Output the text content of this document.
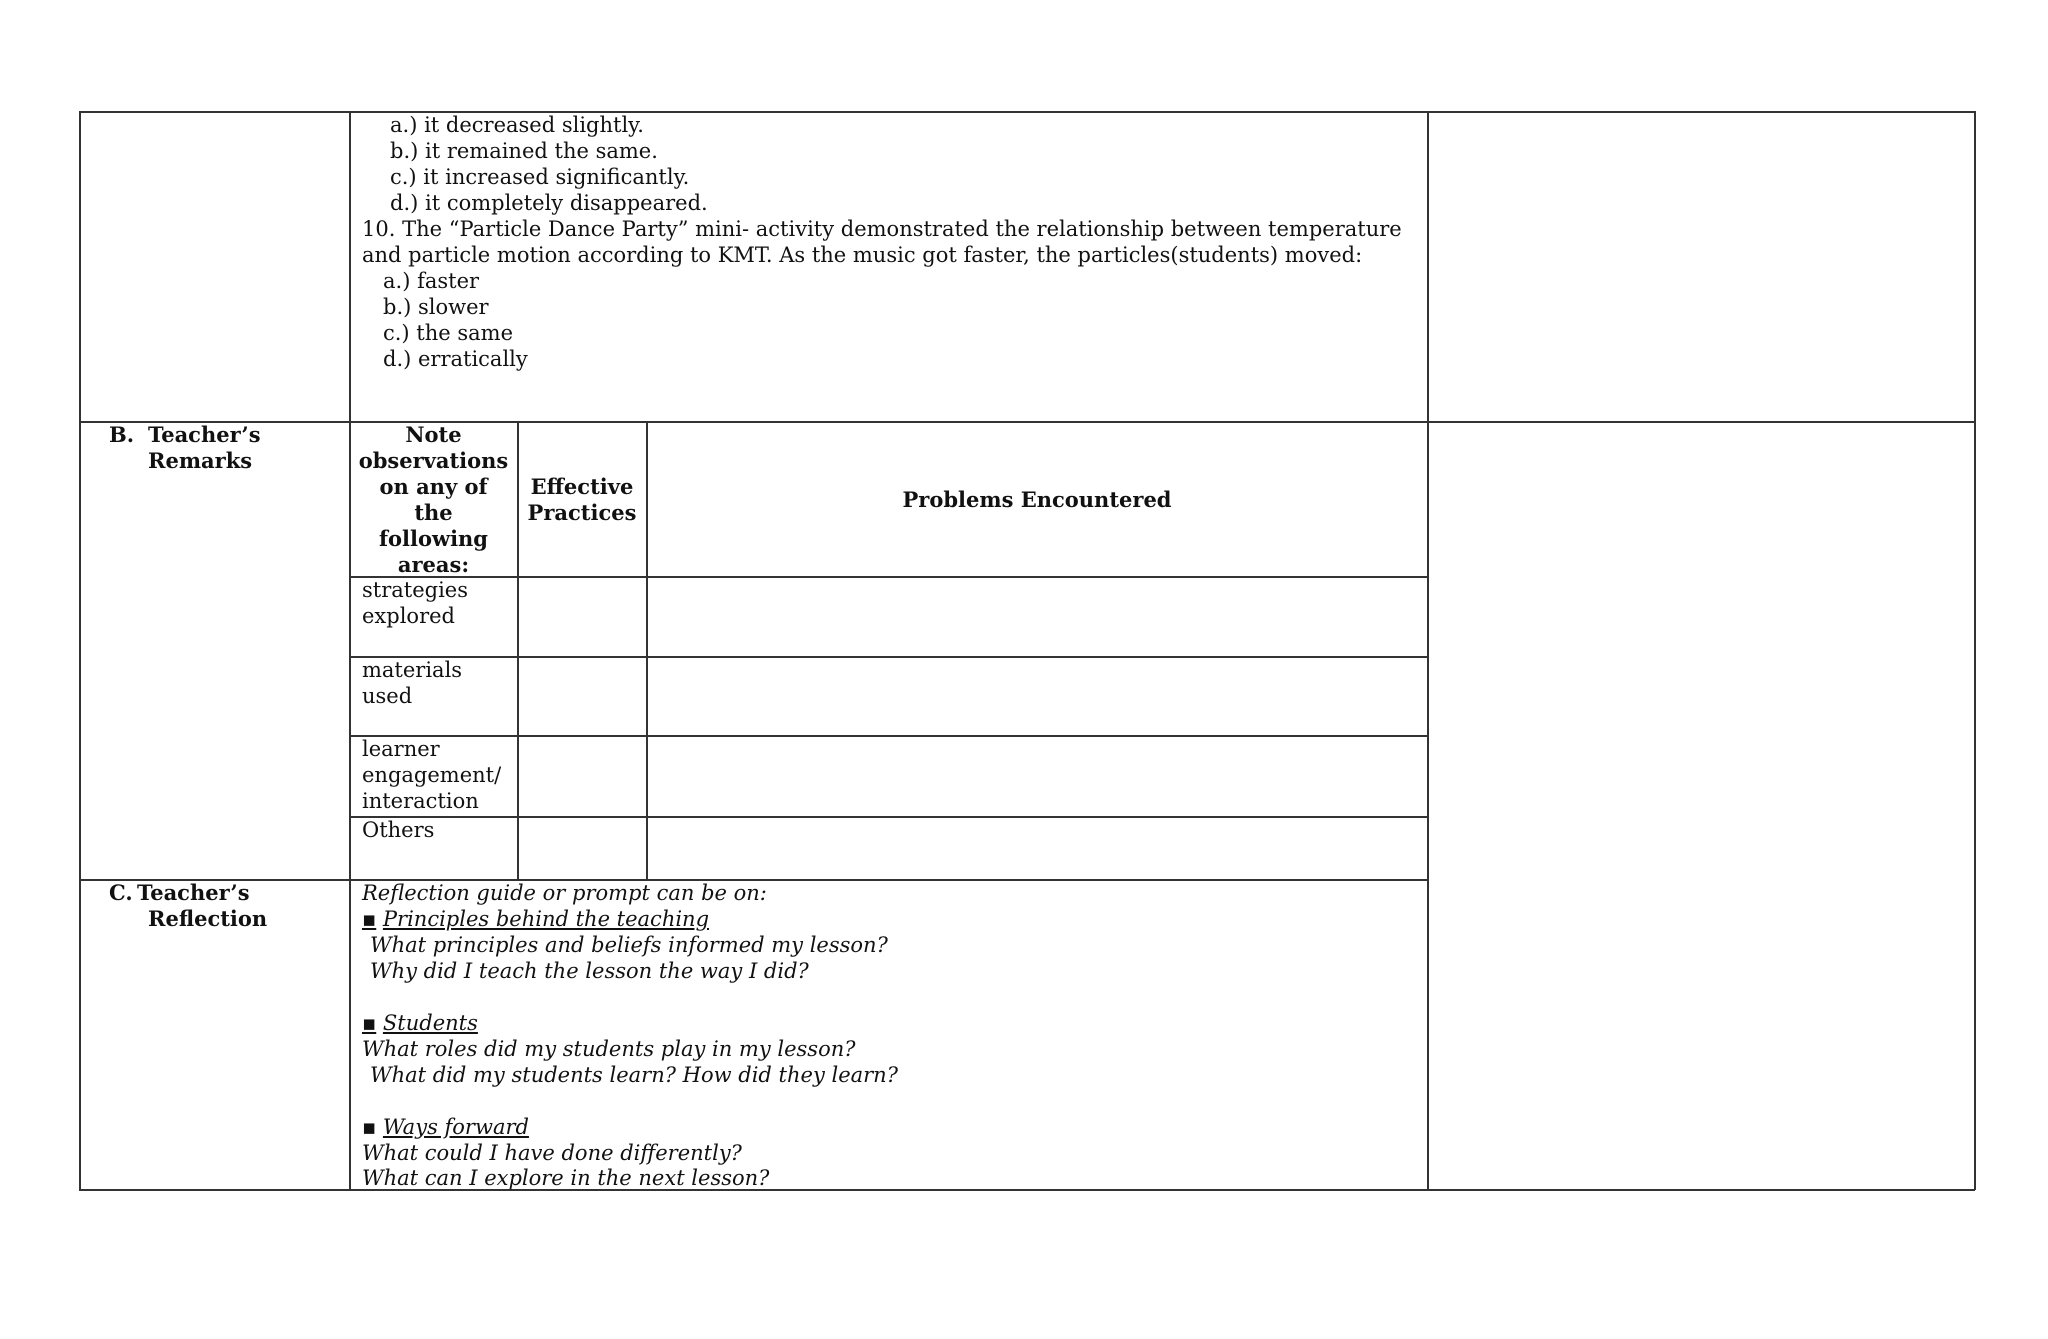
a.) it decreased slightly.
b.) it remained the same.
c.) it increased significantly.
d.) it completely disappeared.
10. The “Particle Dance Party” mini- activity demonstrated the relationship between temperature
and particle motion according to KMT. As the music got faster, the particles(students) moved:
a.) faster
b.) slower
c.) the same
d.) erratically
B. Teacher’s
Remarks
Note
observations
on any of
the
following
areas:
Effective
Practices
Problems Encountered
strategies
explored
materials
used
learner
engagement/
interaction
Others
C. Teacher’s
Reflection
Reflection guide or prompt can be on:
▪ Principles behind the teaching
What principles and beliefs informed my lesson?
Why did I teach the lesson the way I did?
▪ Students
What roles did my students play in my lesson?
What did my students learn? How did they learn?
▪ Ways forward
What could I have done differently?
What can I explore in the next lesson?
